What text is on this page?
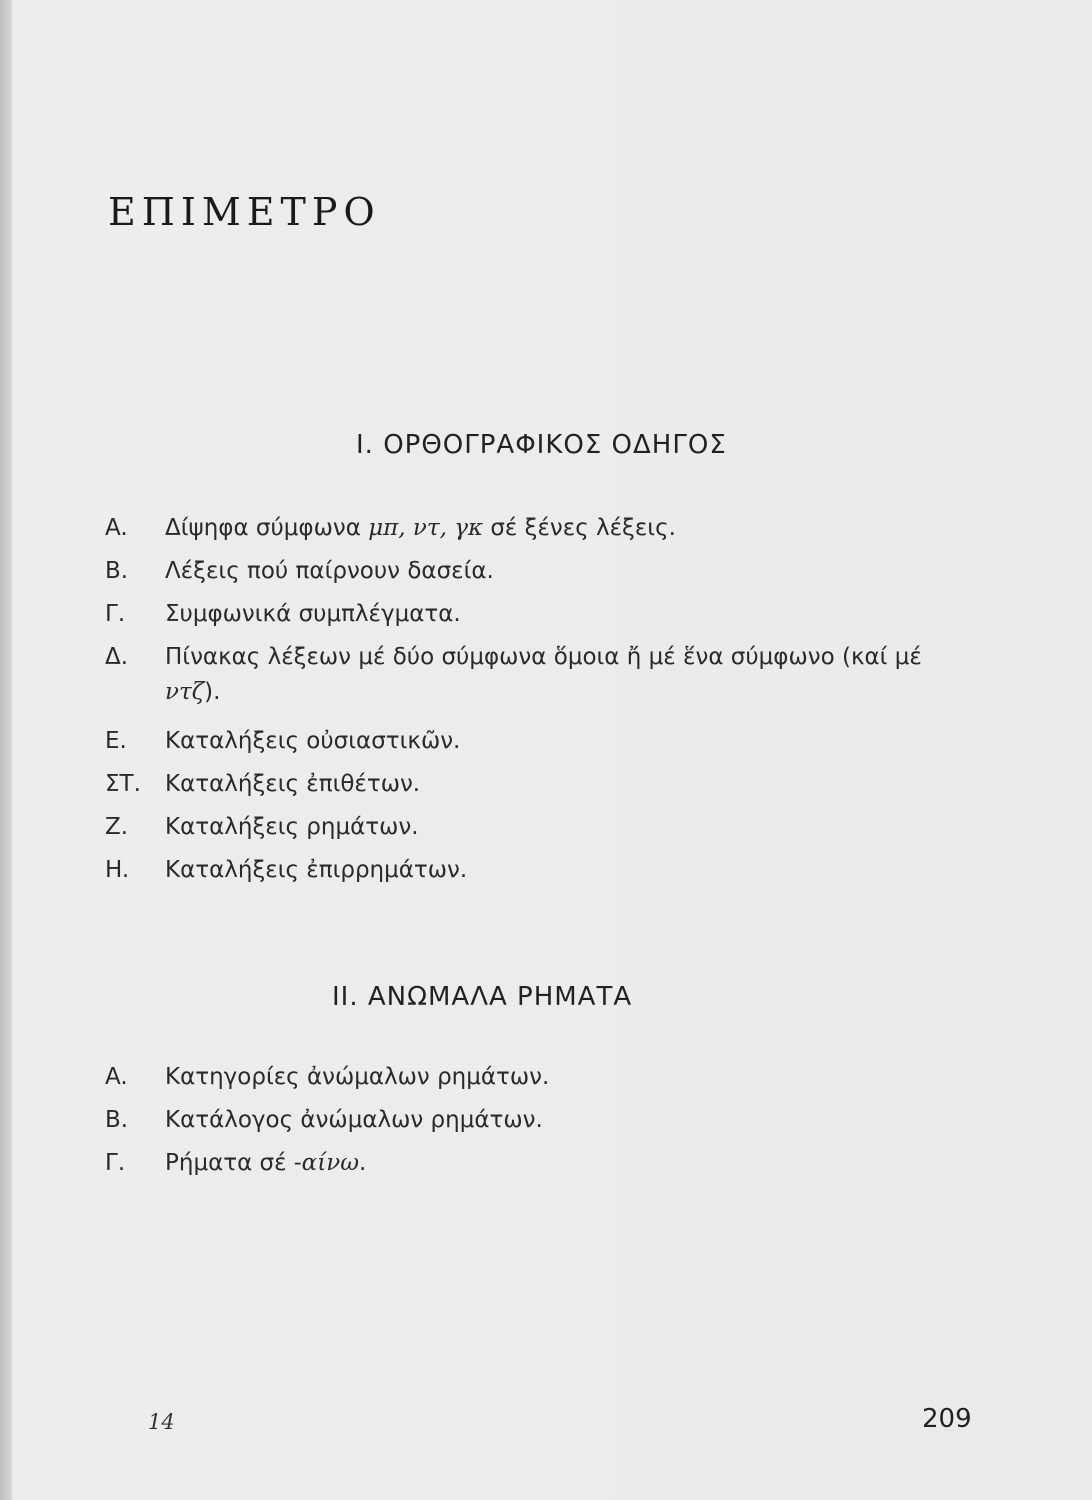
ΕΠΙΜΕΤΡΟ
I. ΟΡΘΟΓΡΑΦΙΚΟΣ ΟΔΗΓΟΣ
A.	Δίψηφα σύμφωνα μπ, ντ, γκ σέ ξένες λέξεις.
B.	Λέξεις πού παίρνουν δασεία.
Γ.	Συμφωνικά συμπλέγματα.
Δ.	Πίνακας λέξεων μέ δύο σύμφωνα ὅμοια ἤ μέ ἕνα σύμφωνο (καί μέ ντζ).
E.	Καταλήξεις οὐσιαστικῶν.
ΣΤ.	Καταλήξεις ἐπιθέτων.
Z.	Καταλήξεις ρημάτων.
H.	Καταλήξεις ἐπιρρημάτων.
II. ΑΝΩΜΑΛΑ ΡΗΜΑΤΑ
A.	Κατηγορίες ἀνώμαλων ρημάτων.
B.	Κατάλογος ἀνώμαλων ρημάτων.
Γ.	Ρήματα σέ -αίνω.
14	209
